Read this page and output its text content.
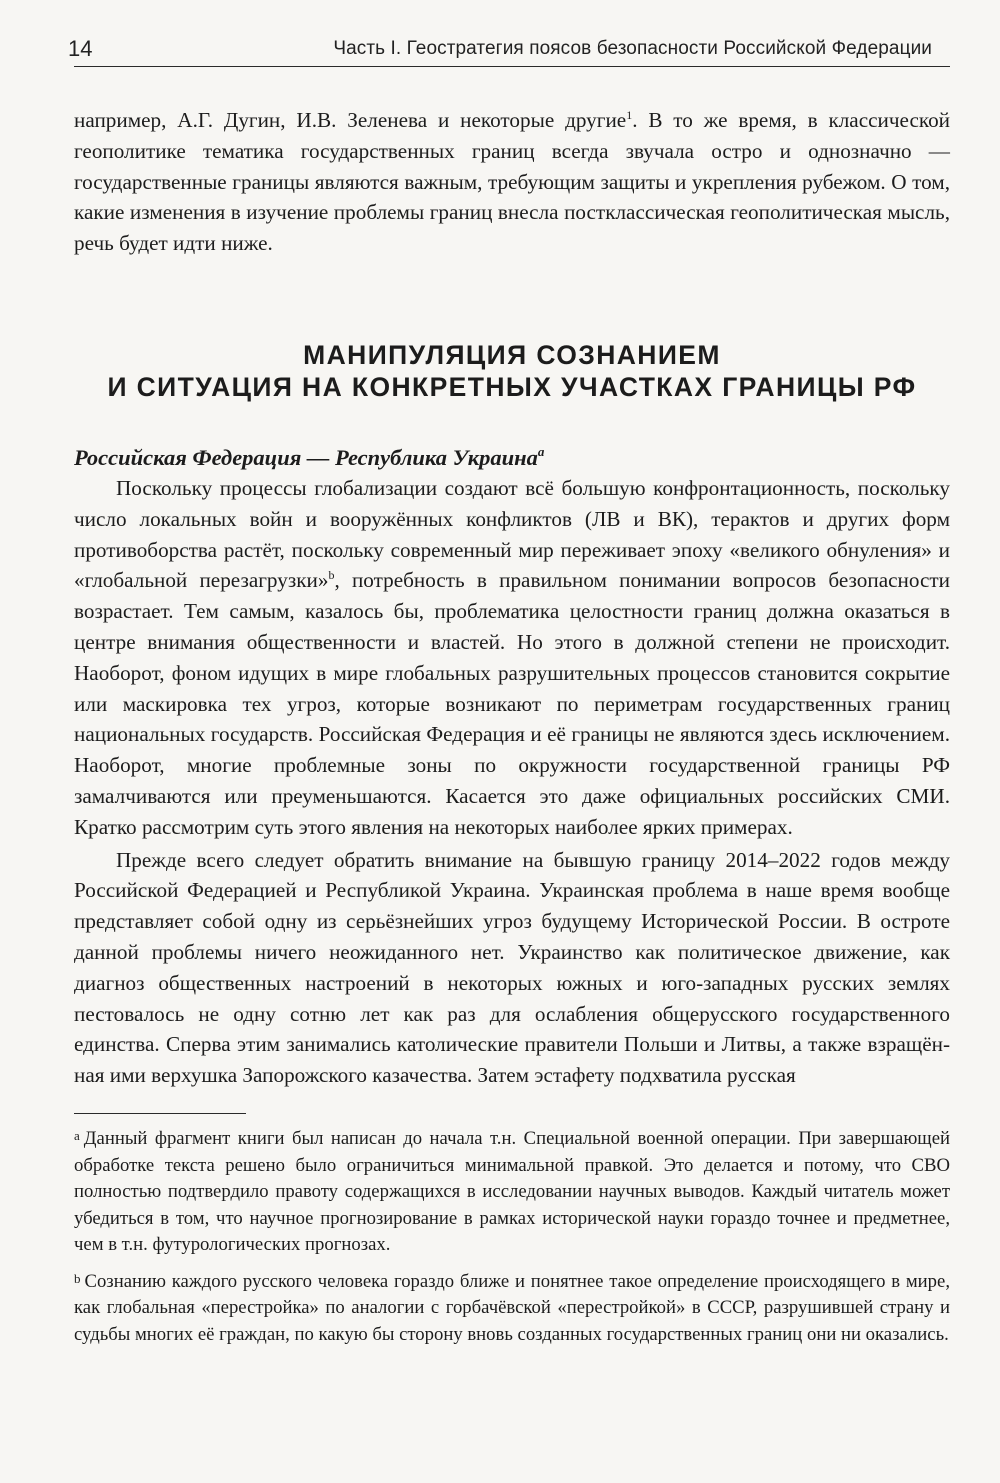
14	Часть I. Геостратегия поясов безопасности Российской Федерации

например, А.Г. Дугин, И.В. Зеленева и некоторые другие$^1$. В то же время, в классической геополитике тематика государственных границ всегда звучала остро и однозначно — государственные границы являются важным, требующим защиты и укрепления рубежом. О том, какие изменения в изучение проблемы границ внесла постклассическая геополитическая мысль, речь будет идти ниже.

МАНИПУЛЯЦИЯ СОЗНАНИЕМ
И СИТУАЦИЯ НА КОНКРЕТНЫХ УЧАСТКАХ ГРАНИЦЫ РФ
Российская Федерация — Республика Украина$^a$

Поскольку процессы глобализации создают всё большую конфронтационность, поскольку число локальных войн и вооружённых конфликтов (ЛВ и ВК), терактов и других форм противоборства растёт, поскольку современный мир переживает эпоху «великого обнуления» и «глобальной перезагрузки»$^b$, потребность в правильном понимании вопросов безопасности возрастает. Тем самым, казалось бы, проблематика целостности границ должна оказаться в центре внимания общественности и властей. Но этого в должной степени не происходит. Наоборот, фоном идущих в мире глобальных разрушительных процессов становится сокрытие или маскировка тех угроз, которые возникают по периметрам государственных границ национальных государств. Российская Федерация и её границы не являются здесь исключением. Наоборот, многие проблемные зоны по окружности государственной границы РФ замалчиваются или преуменьшаются. Касается это даже официальных российских СМИ. Кратко рассмотрим суть этого явления на некоторых наиболее ярких примерах.

Прежде всего следует обратить внимание на бывшую границу 2014–2022 годов между Российской Федерацией и Республикой Украина. Украинская проблема в наше время вообще представляет собой одну из серьёзнейших угроз будущему Исторической России. В остроте данной проблемы ничего неожиданного нет. Украинство как политическое движение, как диагноз общественных настроений в некоторых южных и юго-западных русских землях пестовалось не одну сотню лет как раз для ослабления общерусского государственного единства. Сперва этим занимались католические правители Польши и Литвы, а также взращённая ими верхушка Запорожского казачества. Затем эстафету подхватила русская

$^a$ Данный фрагмент книги был написан до начала т.н. Специальной военной операции. При завершающей обработке текста решено было ограничиться минимальной правкой. Это делается и потому, что СВО полностью подтвердило правоту содержащихся в исследовании научных выводов. Каждый читатель может убедиться в том, что научное прогнозирование в рамках исторической науки гораздо точнее и предметнее, чем в т.н. футурологических прогнозах.
$^b$ Сознанию каждого русского человека гораздо ближе и понятнее такое определение происходящего в мире, как глобальная «перестройка» по аналогии с горбачёвской «перестройкой» в СССР, разрушившей страну и судьбы многих её граждан, по какую бы сторону вновь созданных государственных границ они ни оказались.
